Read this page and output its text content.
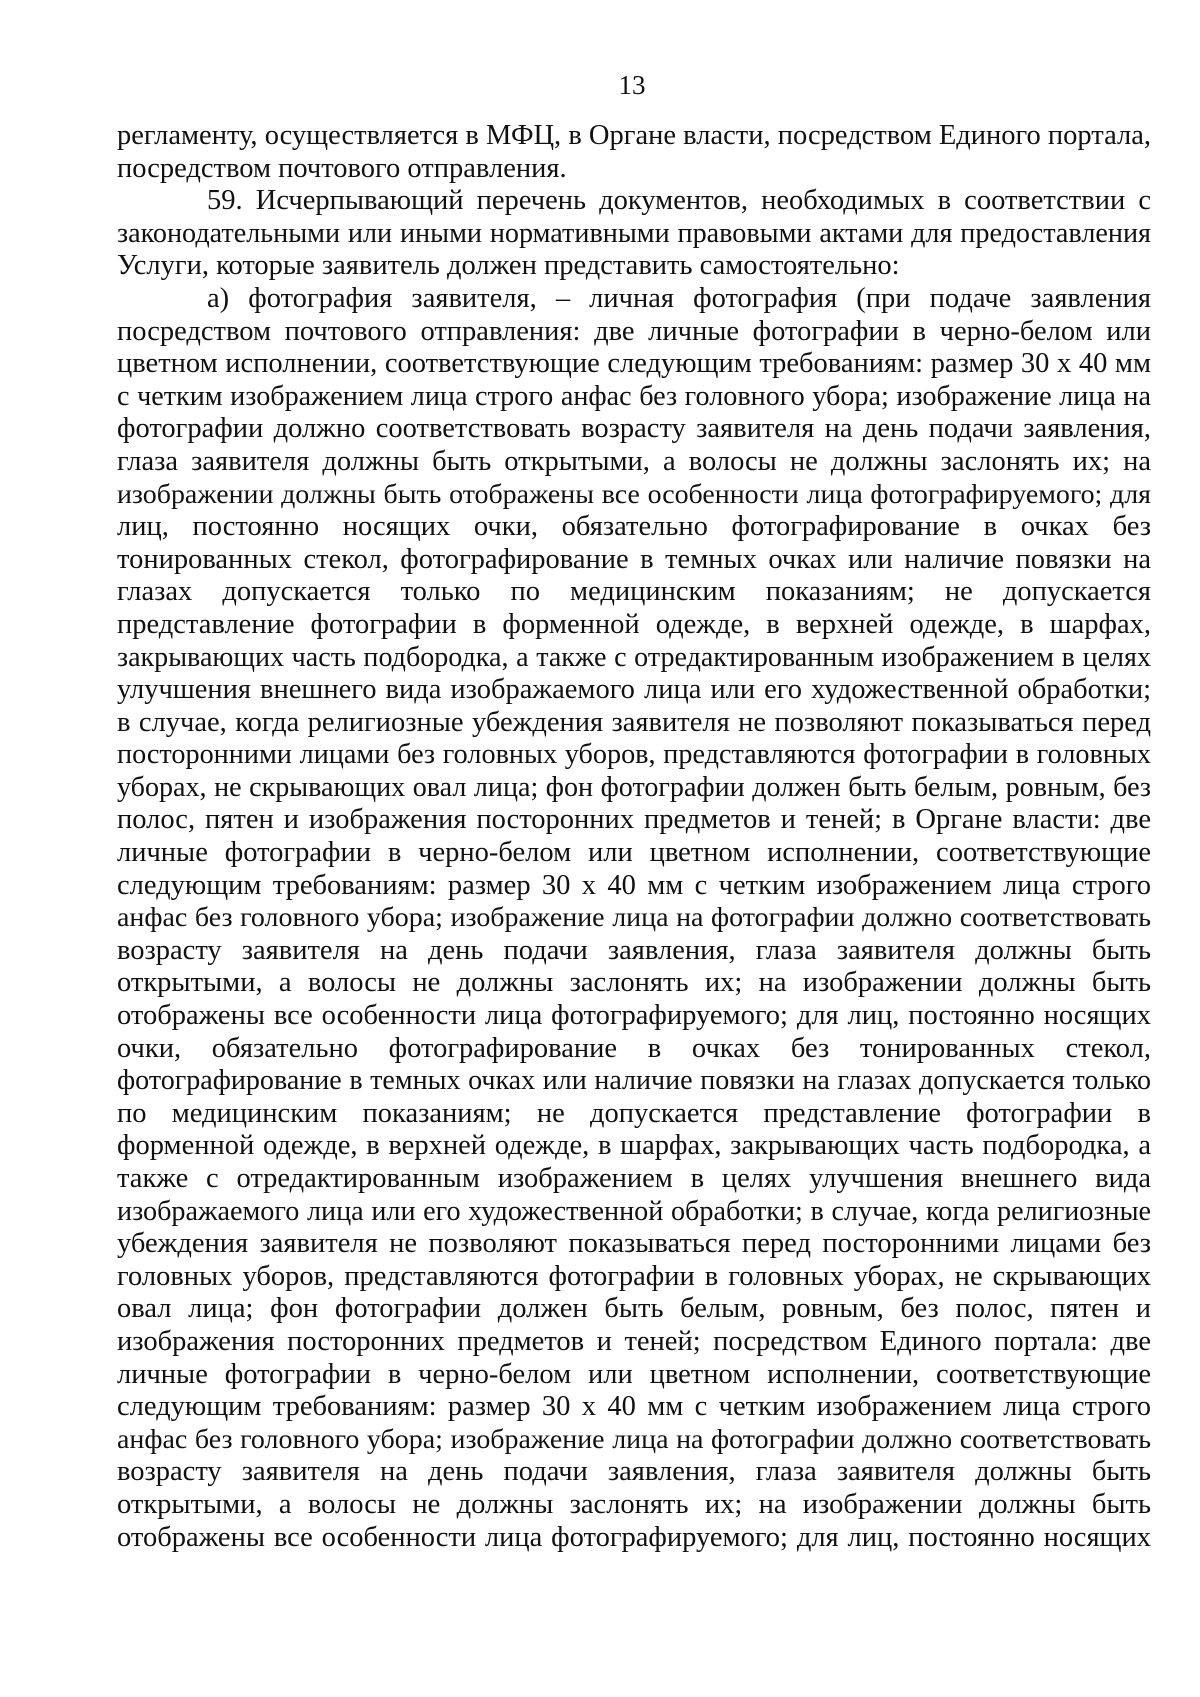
13
регламенту, осуществляется в МФЦ, в Органе власти, посредством Единого портала,
посредством почтового отправления.
59. Исчерпывающий перечень документов, необходимых в соответствии с
законодательными или иными нормативными правовыми актами для предоставления
Услуги, которые заявитель должен представить самостоятельно:
а) фотография заявителя, – личная фотография (при подаче заявления
посредством почтового отправления: две личные фотографии в черно-белом или
цветном исполнении, соответствующие следующим требованиям: размер 30 х 40 мм
с четким изображением лица строго анфас без головного убора; изображение лица на
фотографии должно соответствовать возрасту заявителя на день подачи заявления,
глаза заявителя должны быть открытыми, а волосы не должны заслонять их; на
изображении должны быть отображены все особенности лица фотографируемого; для
лиц, постоянно носящих очки, обязательно фотографирование в очках без
тонированных стекол, фотографирование в темных очках или наличие повязки на
глазах допускается только по медицинским показаниям; не допускается
представление фотографии в форменной одежде, в верхней одежде, в шарфах,
закрывающих часть подбородка, а также с отредактированным изображением в целях
улучшения внешнего вида изображаемого лица или его художественной обработки;
в случае, когда религиозные убеждения заявителя не позволяют показываться перед
посторонними лицами без головных уборов, представляются фотографии в головных
уборах, не скрывающих овал лица; фон фотографии должен быть белым, ровным, без
полос, пятен и изображения посторонних предметов и теней; в Органе власти: две
личные фотографии в черно-белом или цветном исполнении, соответствующие
следующим требованиям: размер 30 х 40 мм с четким изображением лица строго
анфас без головного убора; изображение лица на фотографии должно соответствовать
возрасту заявителя на день подачи заявления, глаза заявителя должны быть
открытыми, а волосы не должны заслонять их; на изображении должны быть
отображены все особенности лица фотографируемого; для лиц, постоянно носящих
очки, обязательно фотографирование в очках без тонированных стекол,
фотографирование в темных очках или наличие повязки на глазах допускается только
по медицинским показаниям; не допускается представление фотографии в
форменной одежде, в верхней одежде, в шарфах, закрывающих часть подбородка, а
также с отредактированным изображением в целях улучшения внешнего вида
изображаемого лица или его художественной обработки; в случае, когда религиозные
убеждения заявителя не позволяют показываться перед посторонними лицами без
головных уборов, представляются фотографии в головных уборах, не скрывающих
овал лица; фон фотографии должен быть белым, ровным, без полос, пятен и
изображения посторонних предметов и теней; посредством Единого портала: две
личные фотографии в черно-белом или цветном исполнении, соответствующие
следующим требованиям: размер 30 х 40 мм с четким изображением лица строго
анфас без головного убора; изображение лица на фотографии должно соответствовать
возрасту заявителя на день подачи заявления, глаза заявителя должны быть
открытыми, а волосы не должны заслонять их; на изображении должны быть
отображены все особенности лица фотографируемого; для лиц, постоянно носящих
